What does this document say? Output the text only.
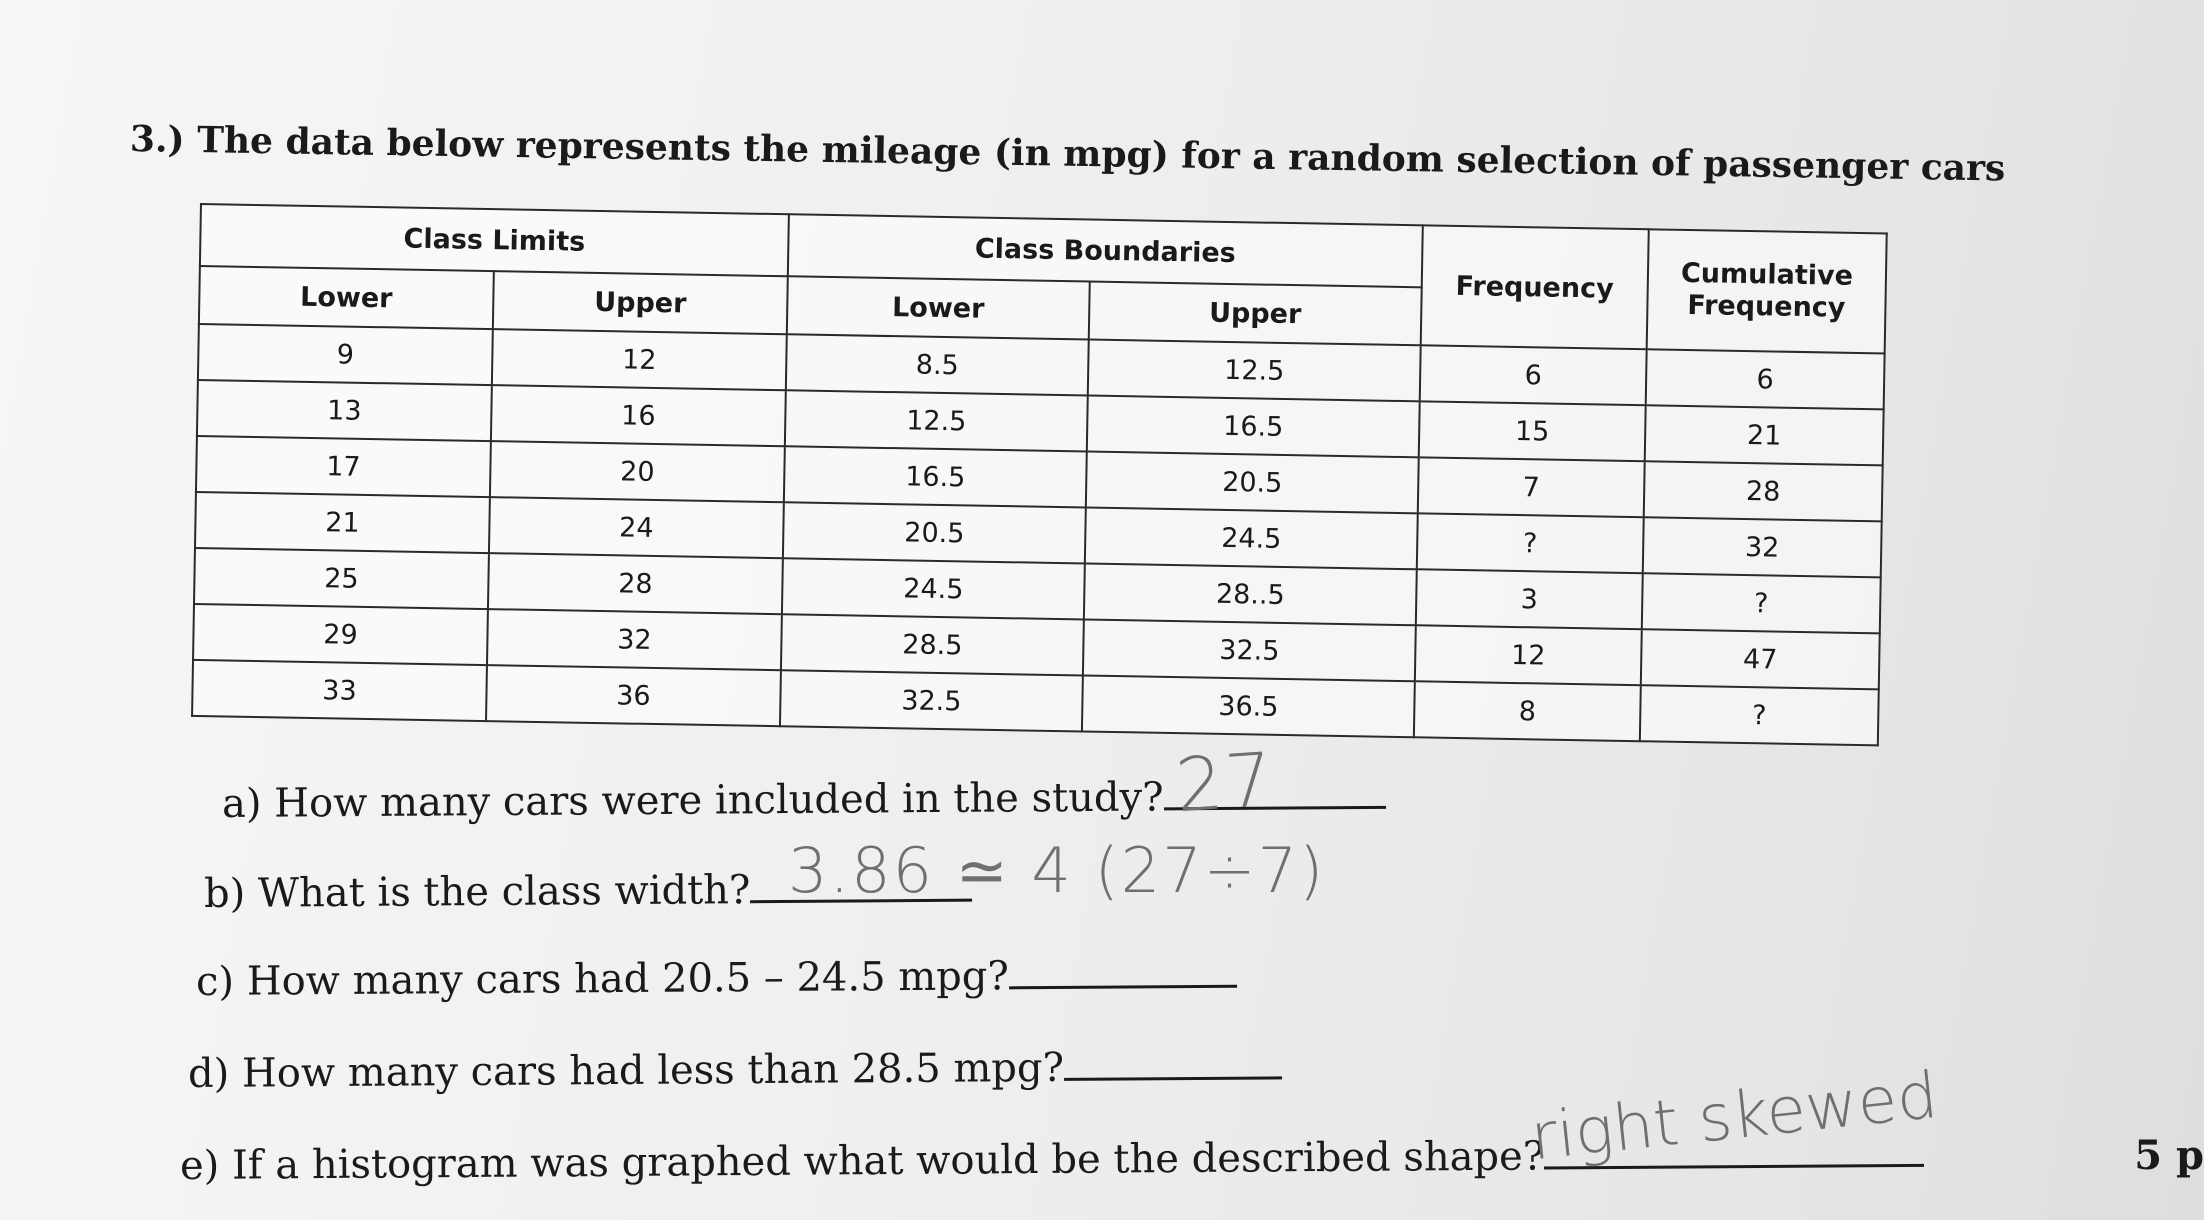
3.) The data below represents the mileage (in mpg) for a random selection of passenger cars
Class Limits		Class Boundaries		Frequency	Cumulative Frequency
Lower	Upper	Lower	Upper		
9	12	8.5	12.5	6	6
13	16	12.5	16.5	15	21
17	20	16.5	20.5	7	28
21	24	20.5	24.5	?	32
25	28	24.5	28..5	3	?
29	32	28.5	32.5	12	47
33	36	32.5	36.5	8	?
a) How many cars were included in the study? 27
b) What is the class width? 3.86 ≃ 4 (27÷7)
c) How many cars had 20.5 – 24.5 mpg?
d) How many cars had less than 28.5 mpg?
e) If a histogram was graphed what would be the described shape?
right skewed	5 p
